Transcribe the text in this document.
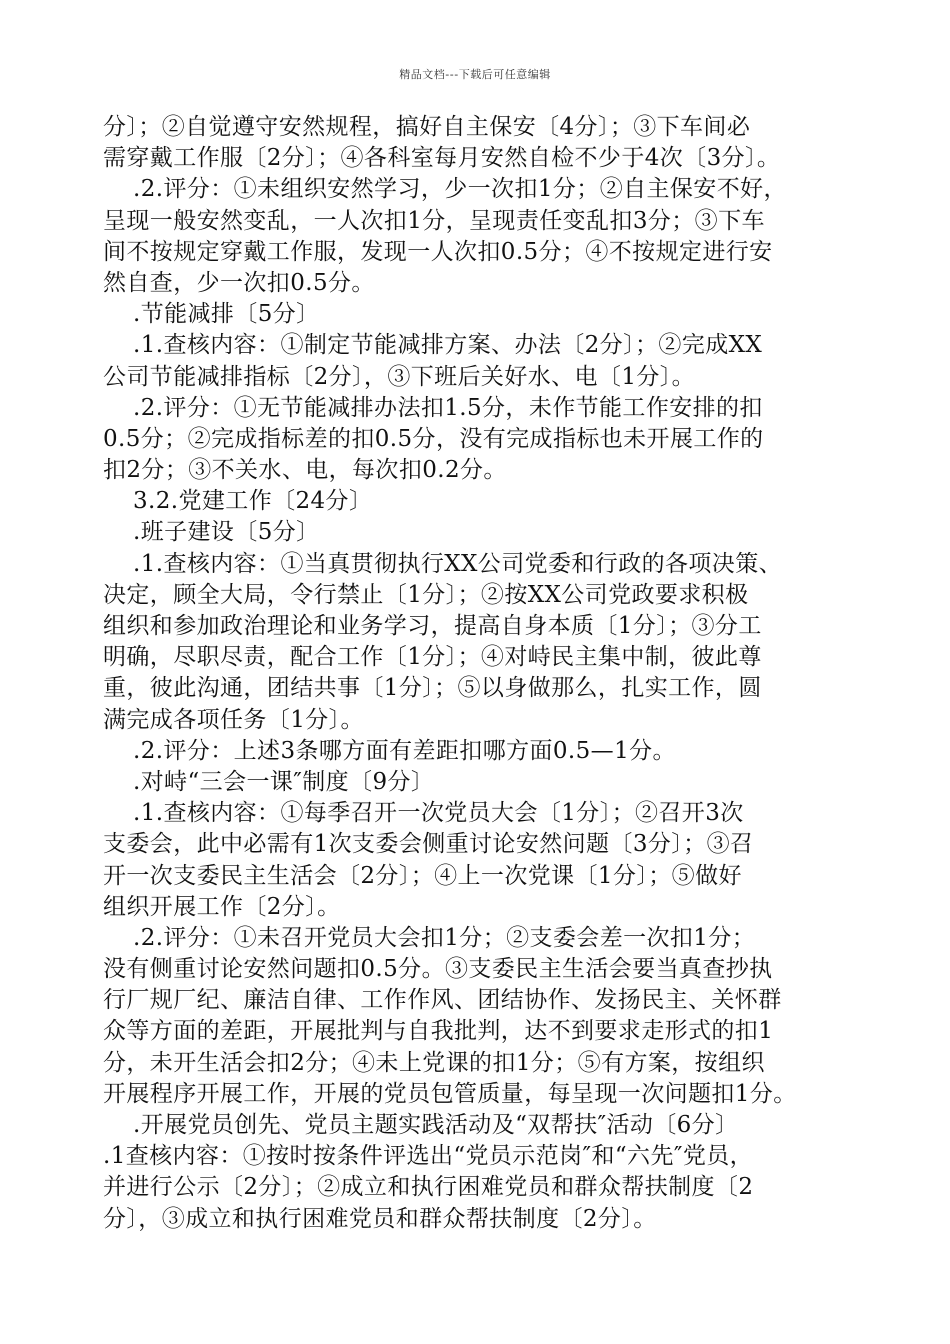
精品文档---下载后可任意编辑
分〕；②自觉遵守安然规程，搞好自主保安〔4分〕；③下车间必
需穿戴工作服〔2分〕；④各科室每月安然自检不少于4次〔3分〕。
.2.评分：①未组织安然学习，少一次扣1分；②自主保安不好，
呈现一般安然变乱，一人次扣1分，呈现责任变乱扣3分；③下车
间不按规定穿戴工作服，发现一人次扣0.5分；④不按规定进行安
然自查，少一次扣0.5分。
.节能减排〔5分〕
.1.查核内容：①制定节能减排方案、办法〔2分〕；②完成XX
公司节能减排指标〔2分〕，③下班后关好水、电〔1分〕。
.2.评分：①无节能减排办法扣1.5分，未作节能工作安排的扣
0.5分；②完成指标差的扣0.5分，没有完成指标也未开展工作的
扣2分；③不关水、电，每次扣0.2分。
3.2.党建工作〔24分〕
.班子建设〔5分〕
.1.查核内容：①当真贯彻执行XX公司党委和行政的各项决策、
决定，顾全大局，令行禁止〔1分〕；②按XX公司党政要求积极
组织和参加政治理论和业务学习，提高自身本质〔1分〕；③分工
明确，尽职尽责，配合工作〔1分〕；④对峙民主集中制，彼此尊
重，彼此沟通，团结共事〔1分〕；⑤以身做那么，扎实工作，圆
满完成各项任务〔1分〕。
.2.评分：上述3条哪方面有差距扣哪方面0.5—1分。
.对峙“三会一课″制度〔9分〕
.1.查核内容：①每季召开一次党员大会〔1分〕；②召开3次
支委会，此中必需有1次支委会侧重讨论安然问题〔3分〕；③召
开一次支委民主生活会〔2分〕；④上一次党课〔1分〕；⑤做好
组织开展工作〔2分〕。
.2.评分：①未召开党员大会扣1分；②支委会差一次扣1分；
没有侧重讨论安然问题扣0.5分。③支委民主生活会要当真查抄执
行厂规厂纪、廉洁自律、工作作风、团结协作、发扬民主、关怀群
众等方面的差距，开展批判与自我批判，达不到要求走形式的扣1
分，未开生活会扣2分；④未上党课的扣1分；⑤有方案，按组织
开展程序开展工作，开展的党员包管质量，每呈现一次问题扣1分。
.开展党员创先、党员主题实践活动及“双帮扶″活动〔6分〕
.1查核内容：①按时按条件评选出“党员示范岗″和“六先″党员，
并进行公示〔2分〕；②成立和执行困难党员和群众帮扶制度〔2
分〕，③成立和执行困难党员和群众帮扶制度〔2分〕。
